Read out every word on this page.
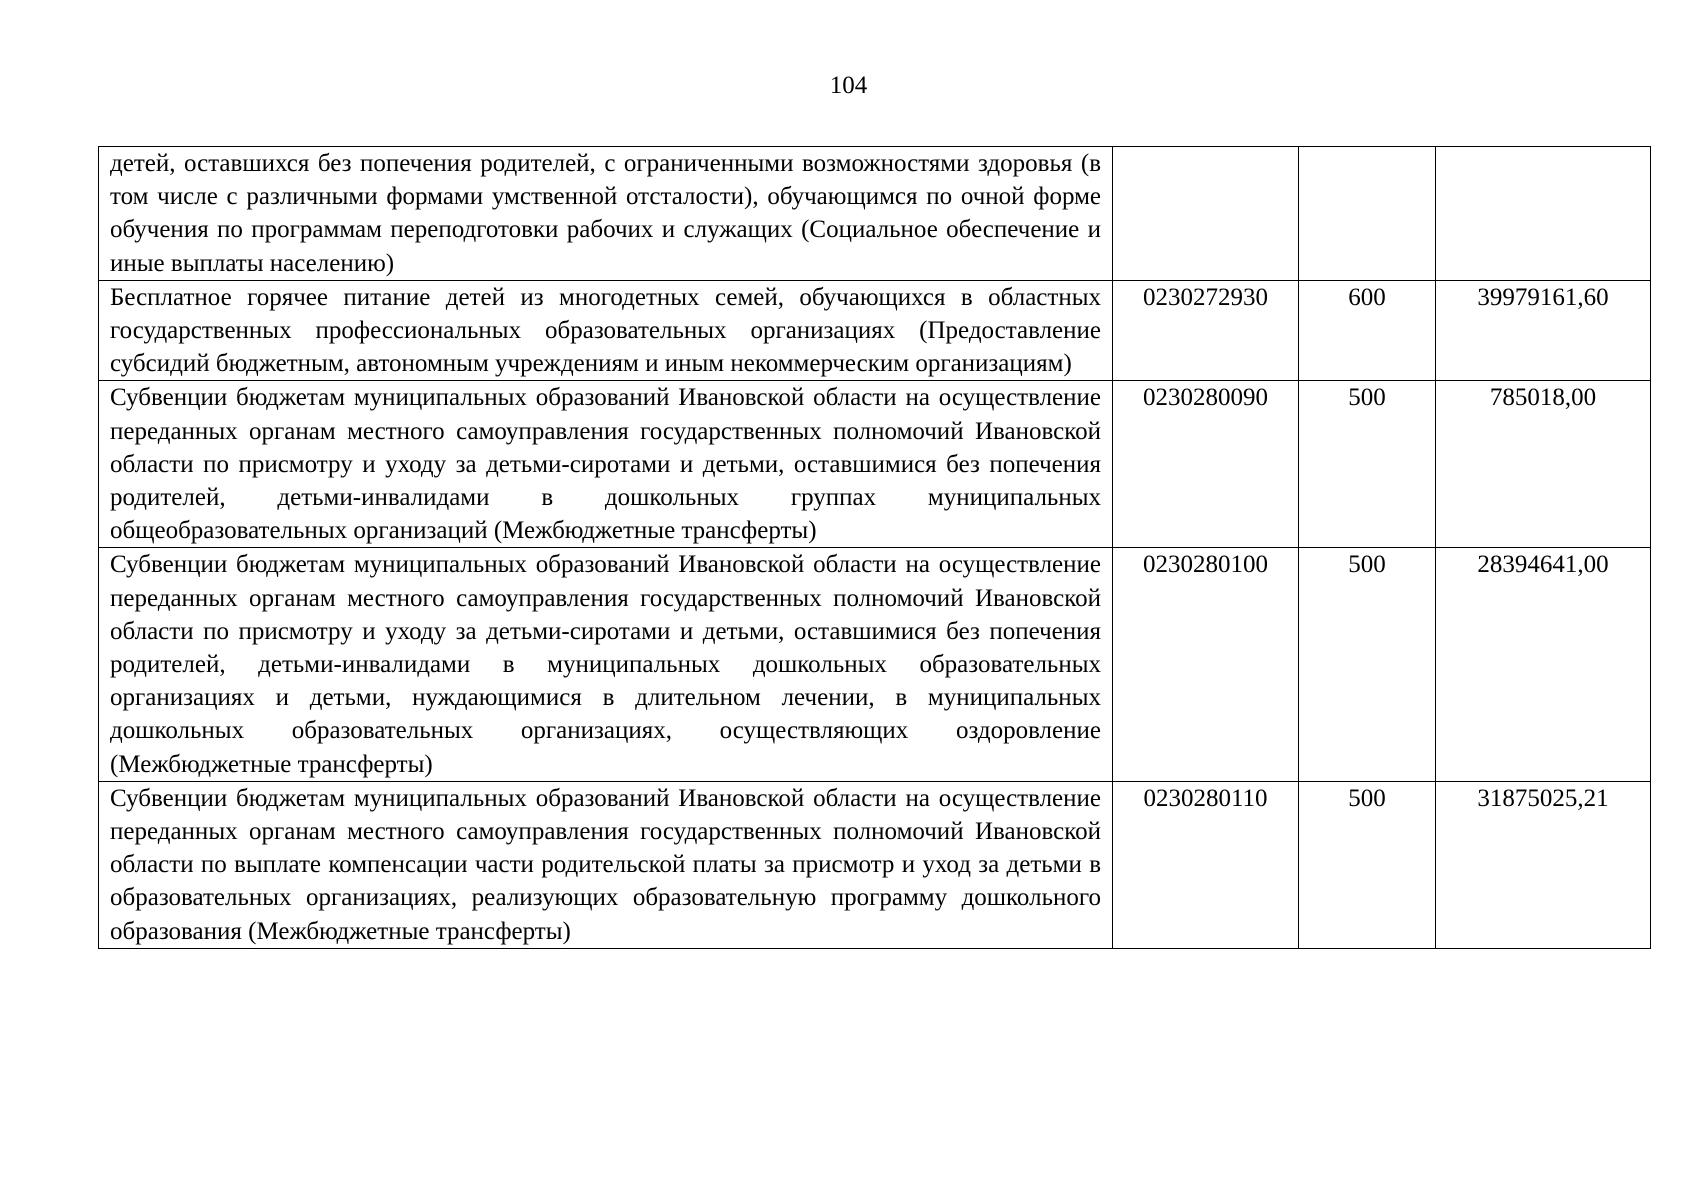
104
детей, оставшихся без попечения родителей, с ограниченными возможностями здоровья (в том числе с различными формами умственной отсталости), обучающимся по очной форме обучения по программам переподготовки рабочих и служащих (Социальное обеспечение и иные выплаты населению)			
Бесплатное горячее питание детей из многодетных семей, обучающихся в областных государственных профессиональных образовательных организациях (Предоставление субсидий бюджетным, автономным учреждениям и иным некоммерческим организациям)	0230272930	600	39979161,60
Субвенции бюджетам муниципальных образований Ивановской области на осуществление переданных органам местного самоуправления государственных полномочий Ивановской области по присмотру и уходу за детьми-сиротами и детьми, оставшимися без попечения родителей, детьми-инвалидами в дошкольных группах муниципальных общеобразовательных организаций (Межбюджетные трансферты)	0230280090	500	785018,00
Субвенции бюджетам муниципальных образований Ивановской области на осуществление переданных органам местного самоуправления государственных полномочий Ивановской области по присмотру и уходу за детьми-сиротами и детьми, оставшимися без попечения родителей, детьми-инвалидами в муниципальных дошкольных образовательных организациях и детьми, нуждающимися в длительном лечении, в муниципальных дошкольных образовательных организациях, осуществляющих оздоровление (Межбюджетные трансферты)	0230280100	500	28394641,00
Субвенции бюджетам муниципальных образований Ивановской области на осуществление переданных органам местного самоуправления государственных полномочий Ивановской области по выплате компенсации части родительской платы за присмотр и уход за детьми в образовательных организациях, реализующих образовательную программу дошкольного образования (Межбюджетные трансферты)	0230280110	500	31875025,21
